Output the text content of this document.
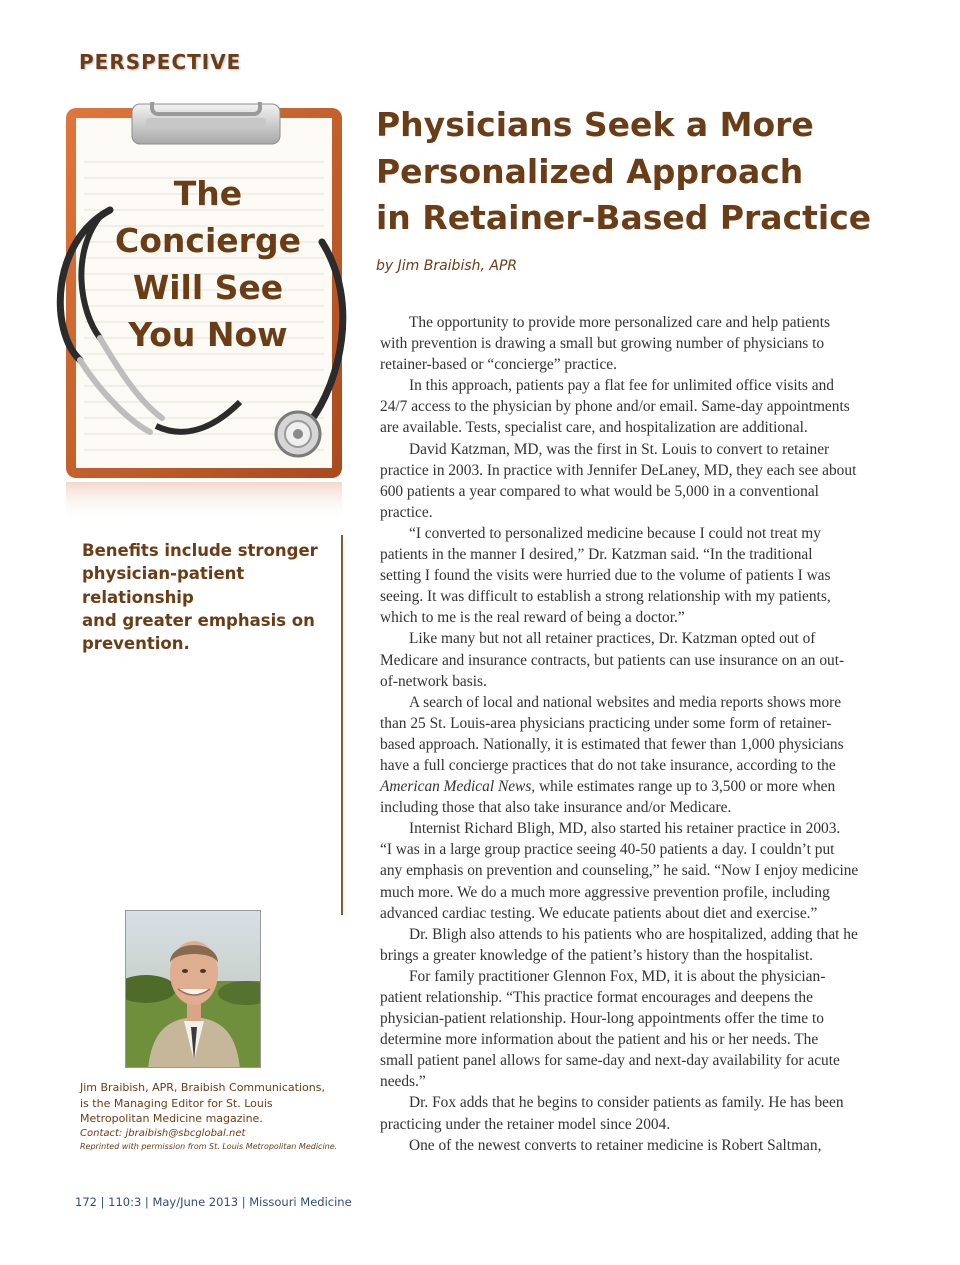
PERSPECTIVE
The
Concierge
Will See
You Now
Physicians Seek a More
Personalized Approach
in Retainer-Based Practice
by Jim Braibish, APR
Benefits include stronger
physician-patient relationship
and greater emphasis on
prevention.
Jim Braibish, APR, Braibish Communications,
is the Managing Editor for St. Louis
Metropolitan Medicine magazine.
Contact: jbraibish@sbcglobal.net
Reprinted with permission from St. Louis Metropolitan Medicine.
The opportunity to provide more personalized care and help patients
with prevention is drawing a small but growing number of physicians to
retainer-based or “concierge” practice.
In this approach, patients pay a flat fee for unlimited office visits and
24/7 access to the physician by phone and/or email. Same-day appointments
are available. Tests, specialist care, and hospitalization are additional.
David Katzman, MD, was the first in St. Louis to convert to retainer
practice in 2003. In practice with Jennifer DeLaney, MD, they each see about
600 patients a year compared to what would be 5,000 in a conventional
practice.
“I converted to personalized medicine because I could not treat my
patients in the manner I desired,” Dr. Katzman said. “In the traditional
setting I found the visits were hurried due to the volume of patients I was
seeing. It was difficult to establish a strong relationship with my patients,
which to me is the real reward of being a doctor.”
Like many but not all retainer practices, Dr. Katzman opted out of
Medicare and insurance contracts, but patients can use insurance on an out-
of-network basis.
A search of local and national websites and media reports shows more
than 25 St. Louis-area physicians practicing under some form of retainer-
based approach. Nationally, it is estimated that fewer than 1,000 physicians
have a full concierge practices that do not take insurance, according to the
American Medical News, while estimates range up to 3,500 or more when
including those that also take insurance and/or Medicare.
Internist Richard Bligh, MD, also started his retainer practice in 2003.
“I was in a large group practice seeing 40-50 patients a day. I couldn’t put
any emphasis on prevention and counseling,” he said. “Now I enjoy medicine
much more. We do a much more aggressive prevention profile, including
advanced cardiac testing. We educate patients about diet and exercise.”
Dr. Bligh also attends to his patients who are hospitalized, adding that he
brings a greater knowledge of the patient’s history than the hospitalist.
For family practitioner Glennon Fox, MD, it is about the physician-
patient relationship. “This practice format encourages and deepens the
physician-patient relationship. Hour-long appointments offer the time to
determine more information about the patient and his or her needs. The
small patient panel allows for same-day and next-day availability for acute
needs.”
Dr. Fox adds that he begins to consider patients as family. He has been
practicing under the retainer model since 2004.
One of the newest converts to retainer medicine is Robert Saltman,
172 | 110:3 | May/June 2013 | Missouri Medicine
